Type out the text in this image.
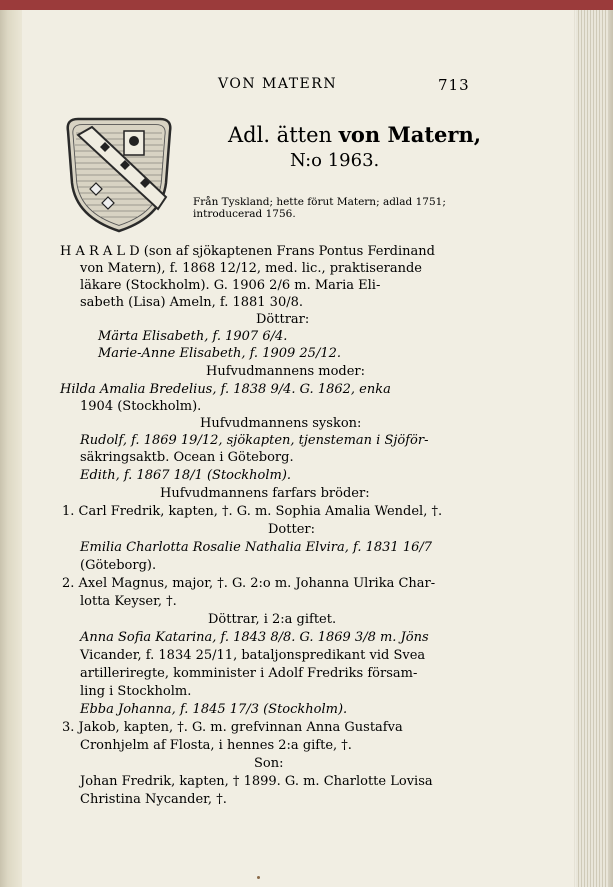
VON MATERN	713
Adl. ätten von Matern,
N:o 1963.
Från Tyskland; hette förut Matern; adlad 1751; introducerad 1756.
H A R A L D (son af sjökaptenen Frans Pontus Ferdinand
von Matern), f. 1868 12/12, med. lic., praktiserande
läkare (Stockholm). G. 1906 2/6 m. Maria Eli-
sabeth (Lisa) Ameln, f. 1881 30/8.
Döttrar:
Märta Elisabeth, f. 1907 6/4.
Marie-Anne Elisabeth, f. 1909 25/12.
Hufvudmannens moder:
Hilda Amalia Bredelius, f. 1838 9/4. G. 1862, enka
1904 (Stockholm).
Hufvudmannens syskon:
Rudolf, f. 1869 19/12, sjökapten, tjensteman i Sjöför-
säkringsaktb. Ocean i Göteborg.
Edith, f. 1867 18/1 (Stockholm).
Hufvudmannens farfars bröder:
1. Carl Fredrik, kapten, †. G. m. Sophia Amalia Wendel, †.
Dotter:
Emilia Charlotta Rosalie Nathalia Elvira, f. 1831 16/7
(Göteborg).
2. Axel Magnus, major, †. G. 2:o m. Johanna Ulrika Char-
lotta Keyser, †.
Döttrar, i 2:a giftet.
Anna Sofia Katarina, f. 1843 8/8. G. 1869 3/8 m. Jöns
Vicander, f. 1834 25/11, bataljonspredikant vid Svea
artilleriregte, komminister i Adolf Fredriks försam-
ling i Stockholm.
Ebba Johanna, f. 1845 17/3 (Stockholm).
3. Jakob, kapten, †. G. m. grefvinnan Anna Gustafva
Cronhjelm af Flosta, i hennes 2:a gifte, †.
Son:
Johan Fredrik, kapten, † 1899. G. m. Charlotte Lovisa
Christina Nycander, †.
